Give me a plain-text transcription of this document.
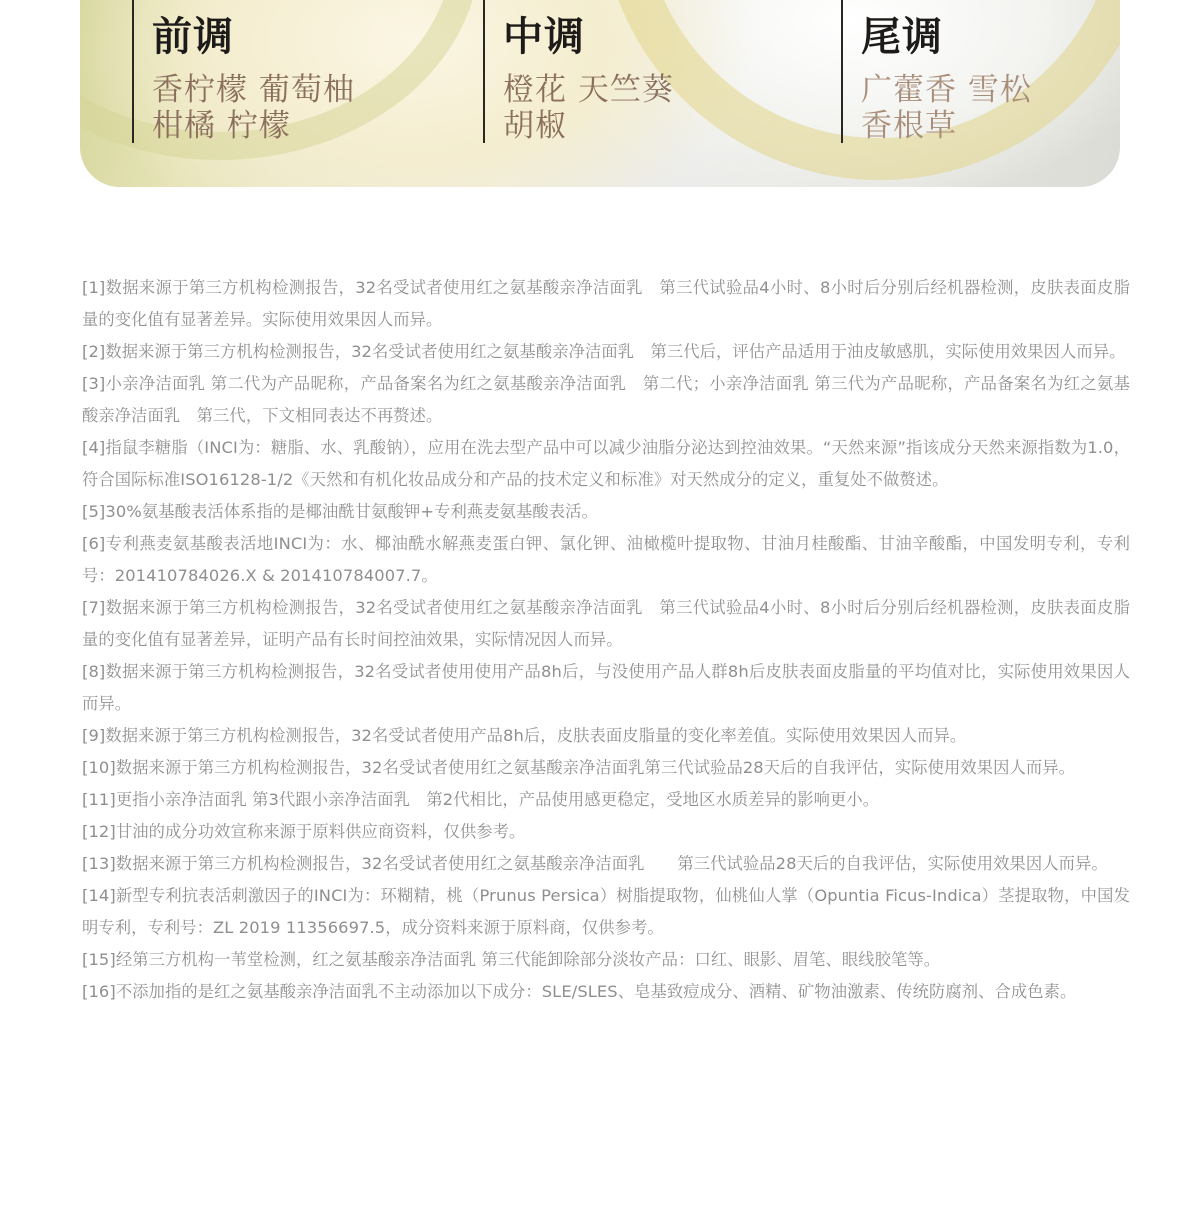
前调
香柠檬 葡萄柚
柑橘 柠檬
中调
橙花 天竺葵
胡椒
尾调
广藿香 雪松
香根草

[1]数据来源于第三方机构检测报告，32名受试者使用红之氨基酸亲净洁面乳　第三代试验品4小时、8小时后分别后经机器检测，皮肤表面皮脂量的变化值有显著差异。实际使用效果因人而异。

[2]数据来源于第三方机构检测报告，32名受试者使用红之氨基酸亲净洁面乳　第三代后，评估产品适用于油皮敏感肌，实际使用效果因人而异。

[3]小亲净洁面乳 第二代为产品昵称，产品备案名为红之氨基酸亲净洁面乳　第二代；小亲净洁面乳 第三代为产品昵称，产品备案名为红之氨基酸亲净洁面乳　第三代，下文相同表达不再赘述。

[4]指鼠李糖脂（INCI为：糖脂、水、乳酸钠），应用在洗去型产品中可以减少油脂分泌达到控油效果。“天然来源”指该成分天然来源指数为1.0，符合国际标准ISO16128-1/2《天然和有机化妆品成分和产品的技术定义和标准》对天然成分的定义，重复处不做赘述。

[5]30%氨基酸表活体系指的是椰油酰甘氨酸钾+专利燕麦氨基酸表活。

[6]专利燕麦氨基酸表活地INCI为：水、椰油酰水解燕麦蛋白钾、氯化钾、油橄榄叶提取物、甘油月桂酸酯、甘油辛酸酯，中国发明专利，专利号：201410784026.X & 201410784007.7。

[7]数据来源于第三方机构检测报告，32名受试者使用红之氨基酸亲净洁面乳　第三代试验品4小时、8小时后分别后经机器检测，皮肤表面皮脂量的变化值有显著差异，证明产品有长时间控油效果，实际情况因人而异。

[8]数据来源于第三方机构检测报告，32名受试者使用使用产品8h后，与没使用产品人群8h后皮肤表面皮脂量的平均值对比，实际使用效果因人而异。

[9]数据来源于第三方机构检测报告，32名受试者使用产品8h后，皮肤表面皮脂量的变化率差值。实际使用效果因人而异。

[10]数据来源于第三方机构检测报告，32名受试者使用红之氨基酸亲净洁面乳第三代试验品28天后的自我评估，实际使用效果因人而异。

[11]更指小亲净洁面乳 第3代跟小亲净洁面乳　第2代相比，产品使用感更稳定，受地区水质差异的影响更小。

[12]甘油的成分功效宣称来源于原料供应商资料，仅供参考。

[13]数据来源于第三方机构检测报告，32名受试者使用红之氨基酸亲净洁面乳　　第三代试验品28天后的自我评估，实际使用效果因人而异。

[14]新型专利抗表活刺激因子的INCI为：环糊精，桃（Prunus Persica）树脂提取物，仙桃仙人掌（Opuntia Ficus-Indica）茎提取物，中国发明专利，专利号：ZL 2019 11356697.5，成分资料来源于原料商，仅供参考。

[15]经第三方机构一苇堂检测，红之氨基酸亲净洁面乳 第三代能卸除部分淡妆产品：口红、眼影、眉笔、眼线胶笔等。

[16]不添加指的是红之氨基酸亲净洁面乳不主动添加以下成分：SLE/SLES、皂基致痘成分、酒精、矿物油激素、传统防腐剂、合成色素。
